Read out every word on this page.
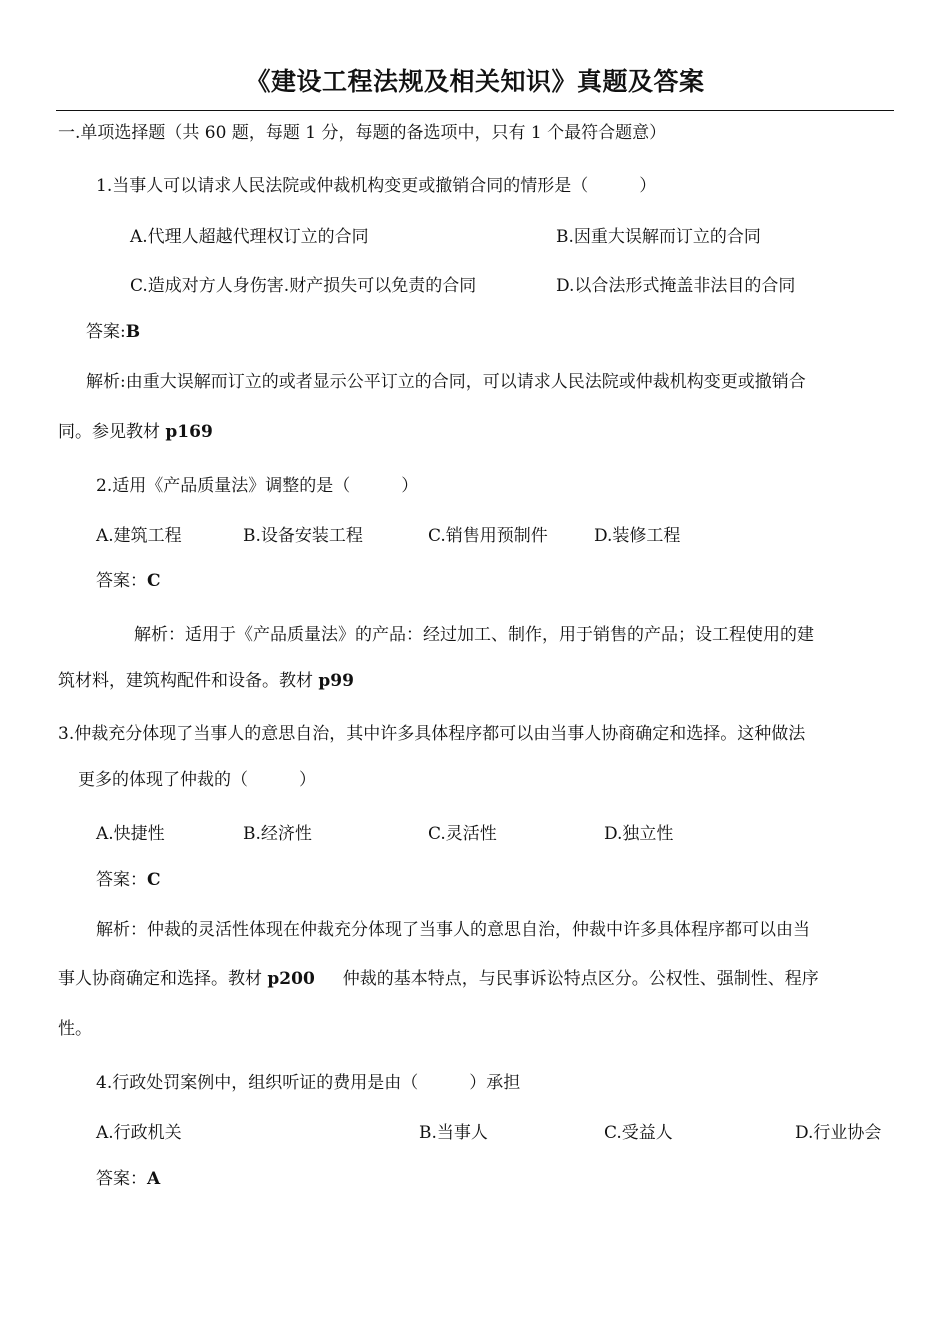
《建设工程法规及相关知识》真题及答案
一.单项选择题（共 60 题，每题 1 分，每题的备选项中，只有 1 个最符合题意）
1.当事人可以请求人民法院或仲裁机构变更或撤销合同的情形是（　　　）
A.代理人超越代理权订立的合同	B.因重大误解而订立的合同
C.造成对方人身伤害.财产损失可以免责的合同	D.以合法形式掩盖非法目的合同
答案:B
解析:由重大误解而订立的或者显示公平订立的合同，可以请求人民法院或仲裁机构变更或撤销合
同。参见教材 p169
2.适用《产品质量法》调整的是（　　　）
A.建筑工程	B.设备安装工程	C.销售用预制件	D.装修工程
答案：C
解析：适用于《产品质量法》的产品：经过加工、制作，用于销售的产品；设工程使用的建
筑材料，建筑构配件和设备。教材 p99
3.仲裁充分体现了当事人的意思自治，其中许多具体程序都可以由当事人协商确定和选择。这种做法
更多的体现了仲裁的（　　　）
A.快捷性	B.经济性	C.灵活性	D.独立性
答案：C
解析：仲裁的灵活性体现在仲裁充分体现了当事人的意思自治，仲裁中许多具体程序都可以由当
事人协商确定和选择。教材 p200 仲裁的基本特点，与民事诉讼特点区分。公权性、强制性、程序
性。
4.行政处罚案例中，组织听证的费用是由（　　　）承担
A.行政机关	B.当事人	C.受益人	D.行业协会
答案：A
